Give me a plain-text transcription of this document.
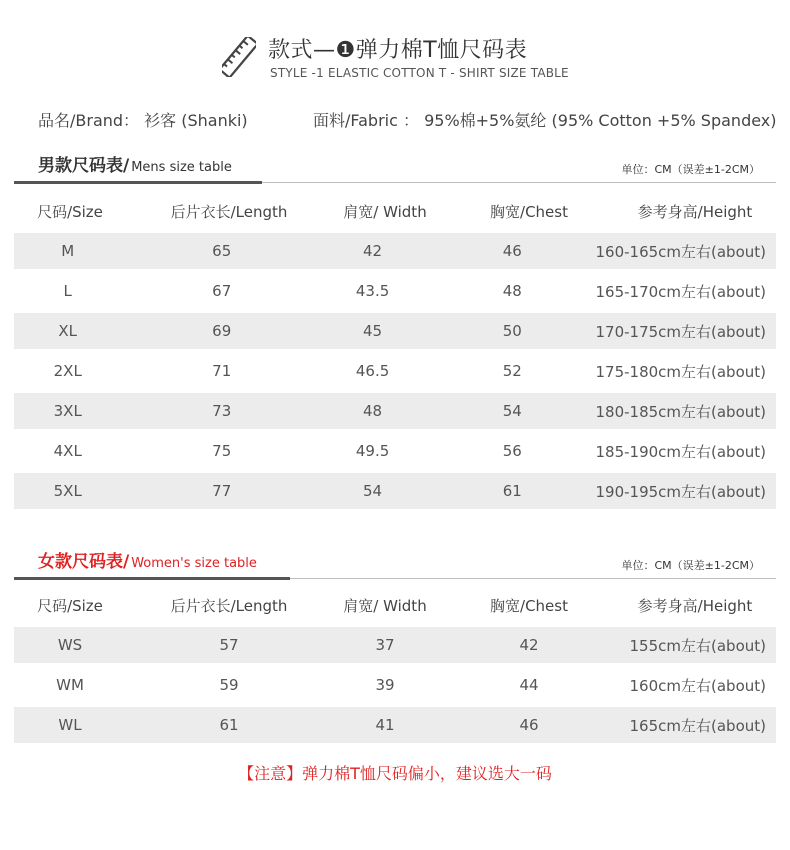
款式—❶弹力棉T恤尺码表
STYLE -1 ELASTIC COTTON T - SHIRT SIZE TABLE
品名/Brand： 衫客 (Shanki)	面料/Fabric ： 95%棉+5%氨纶 (95% Cotton +5% Spandex)
男款尺码表/ Mens size table	单位：CM（误差±1-2CM）
尺码/Size	后片衣长/Length	肩宽/ Width	胸宽/Chest	参考身高/Height
M	65	42	46	160-165cm左右(about)
L	67	43.5	48	165-170cm左右(about)
XL	69	45	50	170-175cm左右(about)
2XL	71	46.5	52	175-180cm左右(about)
3XL	73	48	54	180-185cm左右(about)
4XL	75	49.5	56	185-190cm左右(about)
5XL	77	54	61	190-195cm左右(about)
女款尺码表/ Women's size table	单位：CM（误差±1-2CM）
尺码/Size	后片衣长/Length	肩宽/ Width	胸宽/Chest	参考身高/Height
WS	57	37	42	155cm左右(about)
WM	59	39	44	160cm左右(about)
WL	61	41	46	165cm左右(about)
【注意】弹力棉T恤尺码偏小，建议选大一码
